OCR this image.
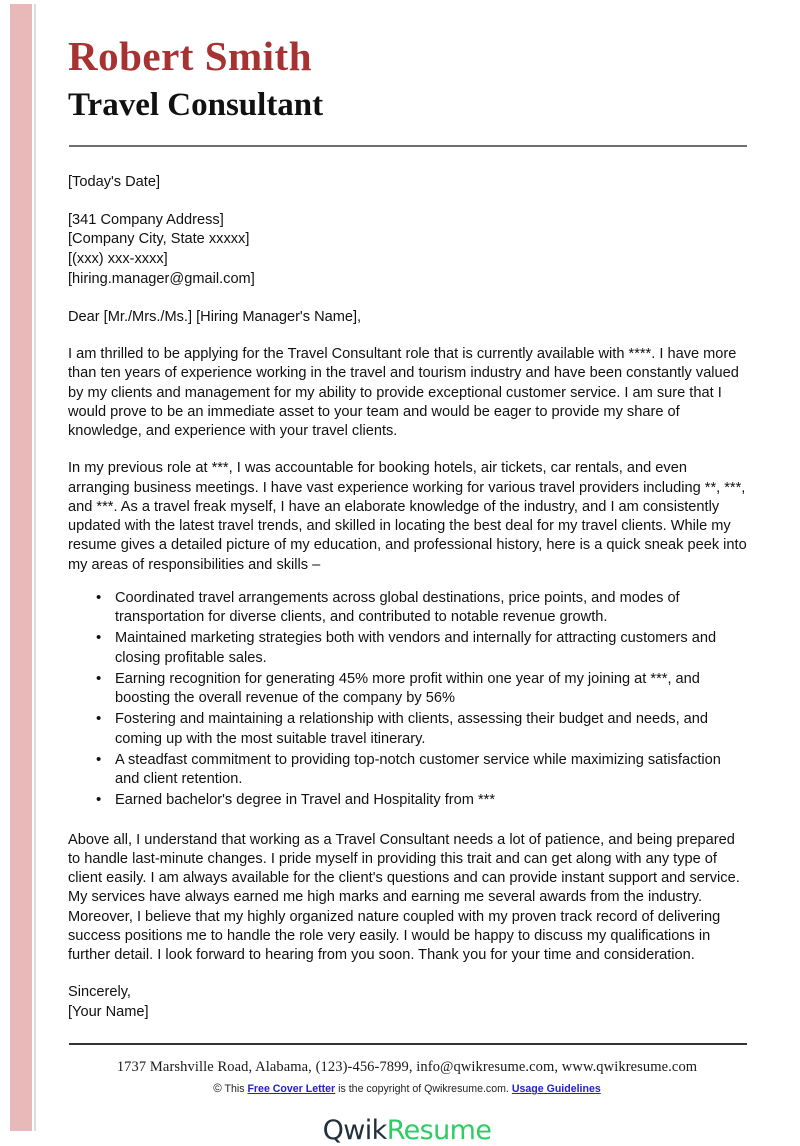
Robert Smith
Travel Consultant
[Today's Date]
[341 Company Address]
[Company City, State xxxxx]
[(xxx) xxx-xxxx]
[hiring.manager@gmail.com]
Dear [Mr./Mrs./Ms.] [Hiring Manager's Name],

I am thrilled to be applying for the Travel Consultant role that is currently available with ****. I have more than ten years of experience working in the travel and tourism industry and have been constantly valued by my clients and management for my ability to provide exceptional customer service. I am sure that I would prove to be an immediate asset to your team and would be eager to provide my share of knowledge, and experience with your travel clients.

In my previous role at ***, I was accountable for booking hotels, air tickets, car rentals, and even arranging business meetings. I have vast experience working for various travel providers including **, ***, and ***. As a travel freak myself, I have an elaborate knowledge of the industry, and I am consistently updated with the latest travel trends, and skilled in locating the best deal for my travel clients. While my resume gives a detailed picture of my education, and professional history, here is a quick sneak peek into my areas of responsibilities and skills –

• Coordinated travel arrangements across global destinations, price points, and modes of transportation for diverse clients, and contributed to notable revenue growth.
• Maintained marketing strategies both with vendors and internally for attracting customers and closing profitable sales.
• Earning recognition for generating 45% more profit within one year of my joining at ***, and boosting the overall revenue of the company by 56%
• Fostering and maintaining a relationship with clients, assessing their budget and needs, and coming up with the most suitable travel itinerary.
• A steadfast commitment to providing top-notch customer service while maximizing satisfaction and client retention.
• Earned bachelor's degree in Travel and Hospitality from ***

Above all, I understand that working as a Travel Consultant needs a lot of patience, and being prepared to handle last-minute changes. I pride myself in providing this trait and can get along with any type of client easily. I am always available for the client's questions and can provide instant support and service. My services have always earned me high marks and earning me several awards from the industry. Moreover, I believe that my highly organized nature coupled with my proven track record of delivering success positions me to handle the role very easily. I would be happy to discuss my qualifications in further detail. I look forward to hearing from you soon. Thank you for your time and consideration.

Sincerely,
[Your Name]
1737 Marshville Road, Alabama, (123)-456-7899, info@qwikresume.com, www.qwikresume.com
© This Free Cover Letter is the copyright of Qwikresume.com. Usage Guidelines
QwikResume
